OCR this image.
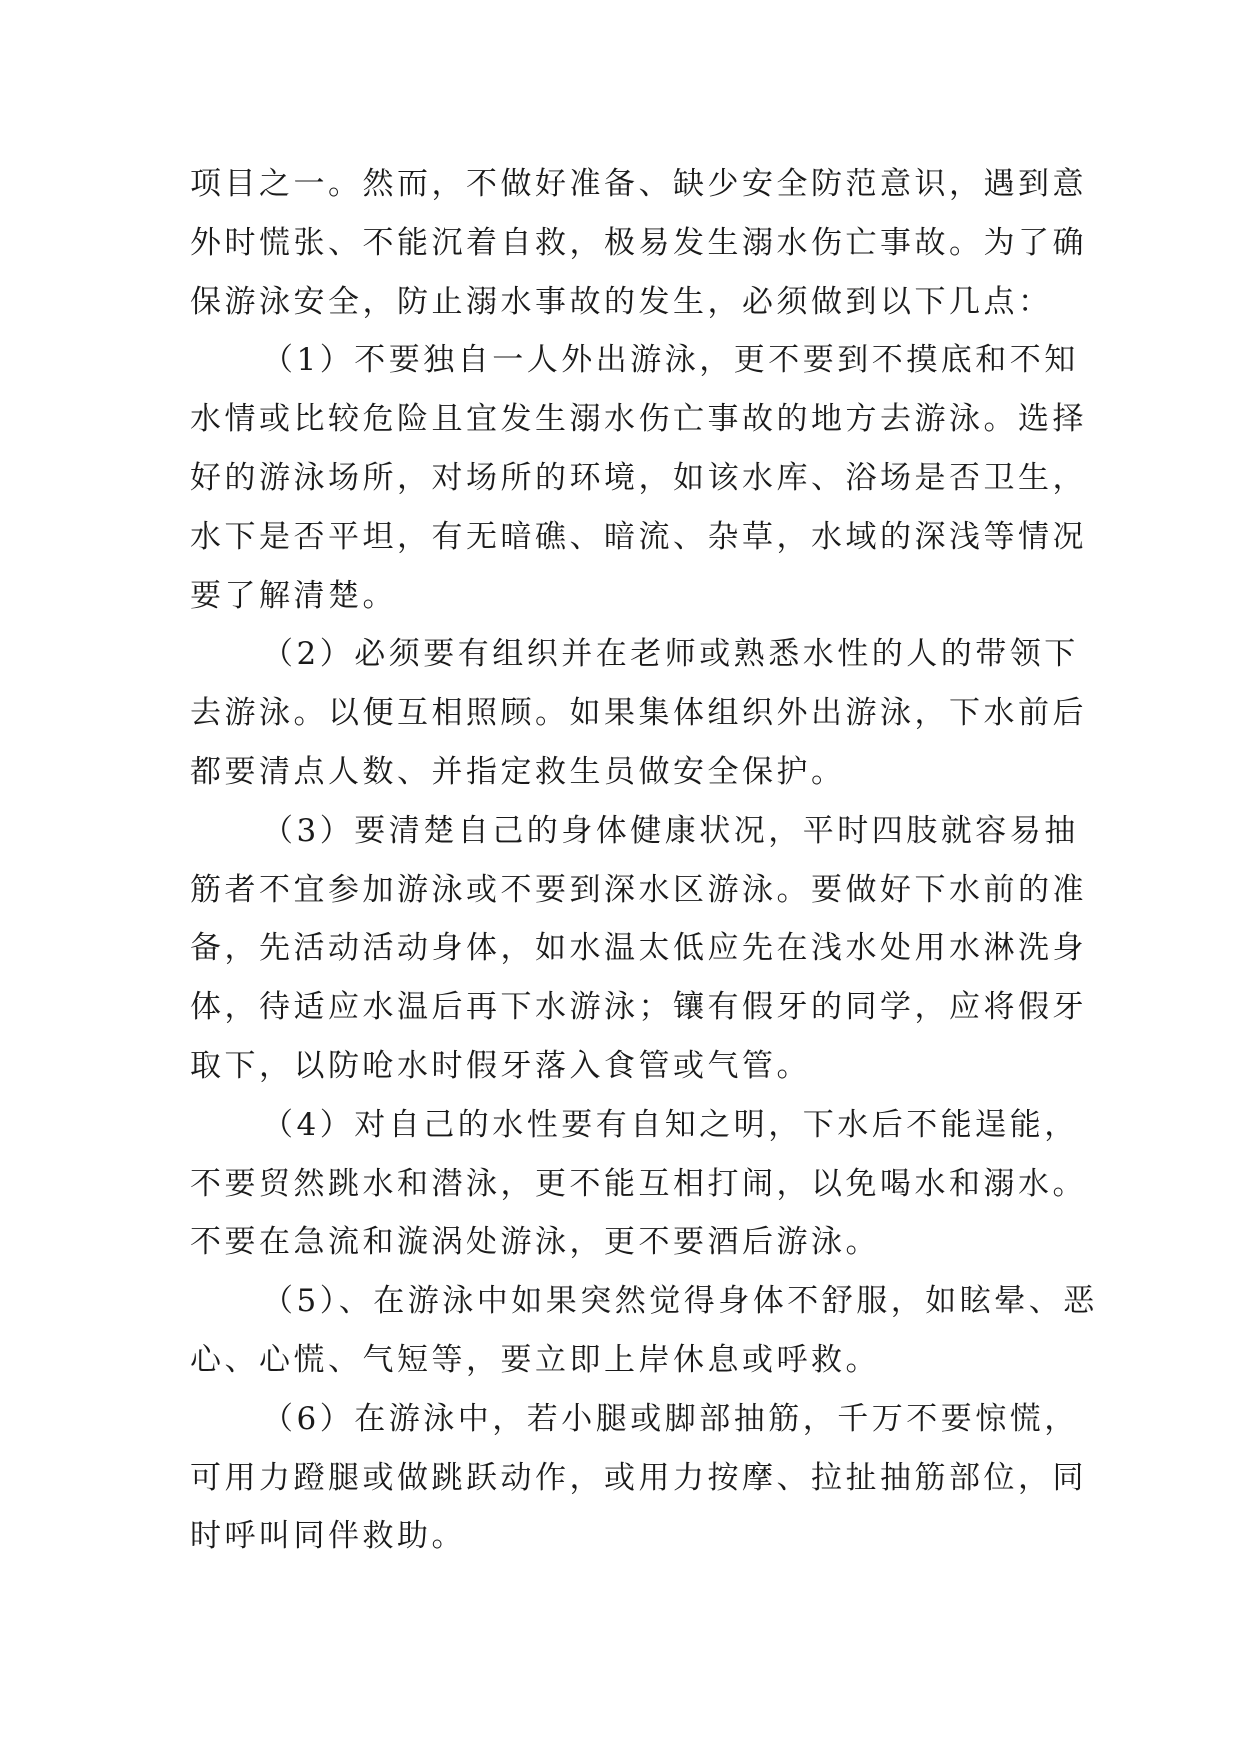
项目之一。然而，不做好准备、缺少安全防范意识，遇到意
外时慌张、不能沉着自救，极易发生溺水伤亡事故。为了确
保游泳安全，防止溺水事故的发生，必须做到以下几点：
（1）不要独自一人外出游泳，更不要到不摸底和不知
水情或比较危险且宜发生溺水伤亡事故的地方去游泳。选择
好的游泳场所，对场所的环境，如该水库、浴场是否卫生，
水下是否平坦，有无暗礁、暗流、杂草，水域的深浅等情况
要了解清楚。
（2）必须要有组织并在老师或熟悉水性的人的带领下
去游泳。以便互相照顾。如果集体组织外出游泳，下水前后
都要清点人数、并指定救生员做安全保护。
（3）要清楚自己的身体健康状况，平时四肢就容易抽
筋者不宜参加游泳或不要到深水区游泳。要做好下水前的准
备，先活动活动身体，如水温太低应先在浅水处用水淋洗身
体，待适应水温后再下水游泳；镶有假牙的同学，应将假牙
取下，以防呛水时假牙落入食管或气管。
（4）对自己的水性要有自知之明，下水后不能逞能，
不要贸然跳水和潜泳，更不能互相打闹，以免喝水和溺水。
不要在急流和漩涡处游泳，更不要酒后游泳。
（5）、在游泳中如果突然觉得身体不舒服，如眩晕、恶
心、心慌、气短等，要立即上岸休息或呼救。
（6）在游泳中，若小腿或脚部抽筋，千万不要惊慌，
可用力蹬腿或做跳跃动作，或用力按摩、拉扯抽筋部位，同
时呼叫同伴救助。
